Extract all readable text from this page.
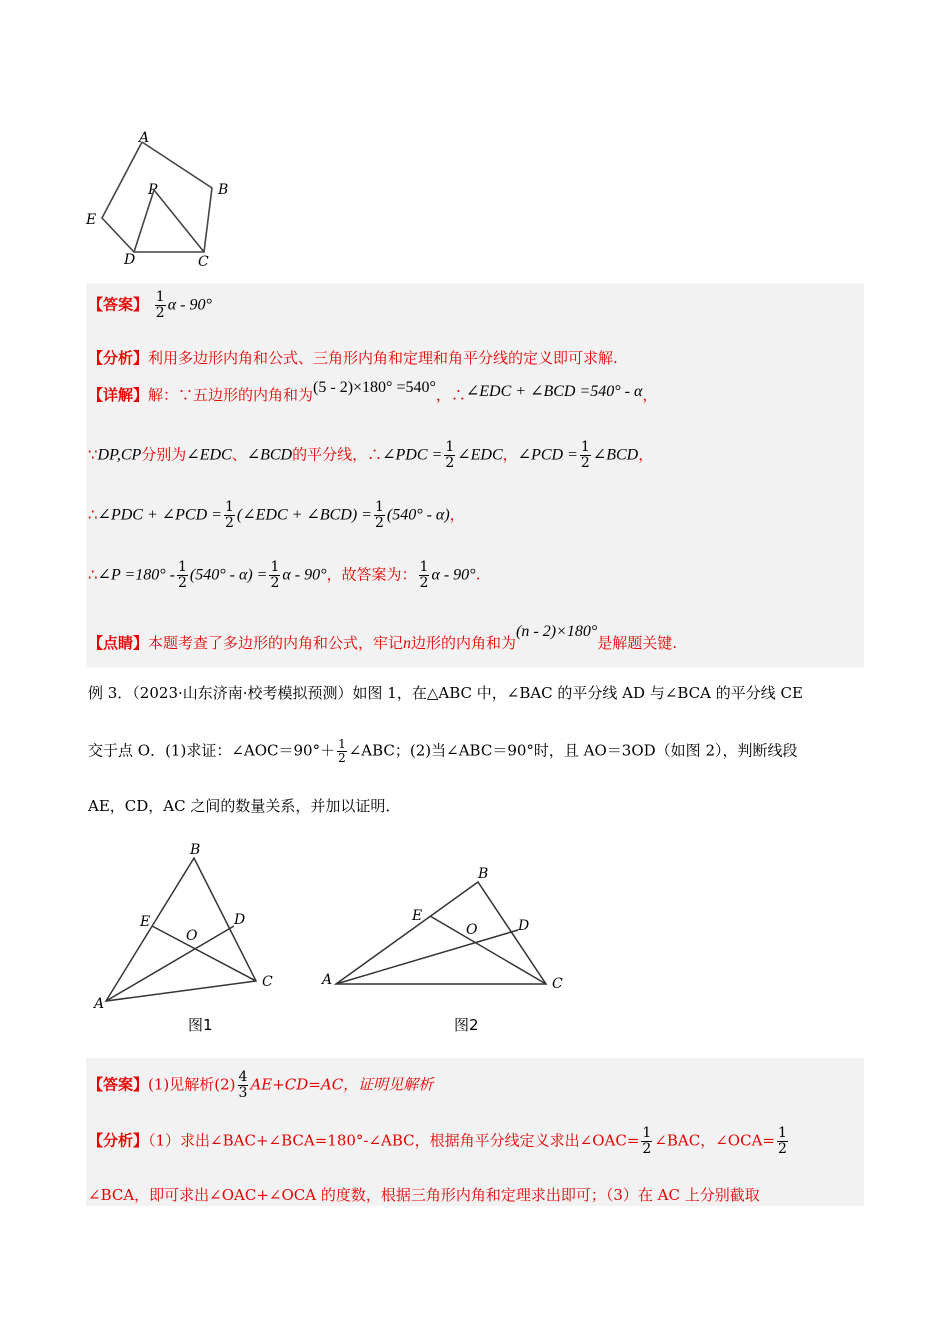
A
B
P
E
D	C
【答案】 $\frac{1}{2}$ α - 90°
【分析】利用多边形内角和公式、三角形内角和定理和角平分线的定义即可求解.
【详解】解：∵五边形的内角和为(5 - 2)×180° =540°，∴∠EDC + ∠BCD =540° - α，
∵DP,CP分别为∠EDC、∠BCD的平分线，∴∠PDC = $\frac{1}{2}$ ∠EDC，∠PCD = $\frac{1}{2}$ ∠BCD，
∴∠PDC + ∠PCD = $\frac{1}{2}$ (∠EDC + ∠BCD) = $\frac{1}{2} (540^\circ - \alpha)$，
∴∠P $=180^\circ - \frac{1}{2} (540^\circ - \alpha) = \frac{1}{2}$ α - 90°，故答案为： $\frac{1}{2}$ α - 90°.
【点睛】本题考查了多边形的内角和公式，牢记n边形的内角和为(n - 2)×180°是解题关键.
例 3．（2023·山东济南·校考模拟预测）如图 1，在△ABC 中，∠BAC 的平分线 AD 与∠BCA 的平分线 CE
交于点 O．(1)求证：∠AOC＝90°＋ $\frac{1}{2}$ ∠ABC；(2)当∠ABC＝90°时，且 AO＝3OD（如图 2），判断线段
AE，CD，AC 之间的数量关系，并加以证明．
B
E	D
O
A
C
图1
B
E
O	D
A	C
图2
【答案】(1)见解析$(2) \frac{4}{3} AE+CD=AC$，证明见解析
【分析】（1）求出∠BAC+∠BCA=180°-∠ABC，根据角平分线定义求出∠OAC= $\frac{1}{2}$ ∠BAC，∠OCA= $\frac{1}{2}$
∠BCA，即可求出∠OAC+∠OCA 的度数，根据三角形内角和定理求出即可；（3）在 AC 上分别截取
